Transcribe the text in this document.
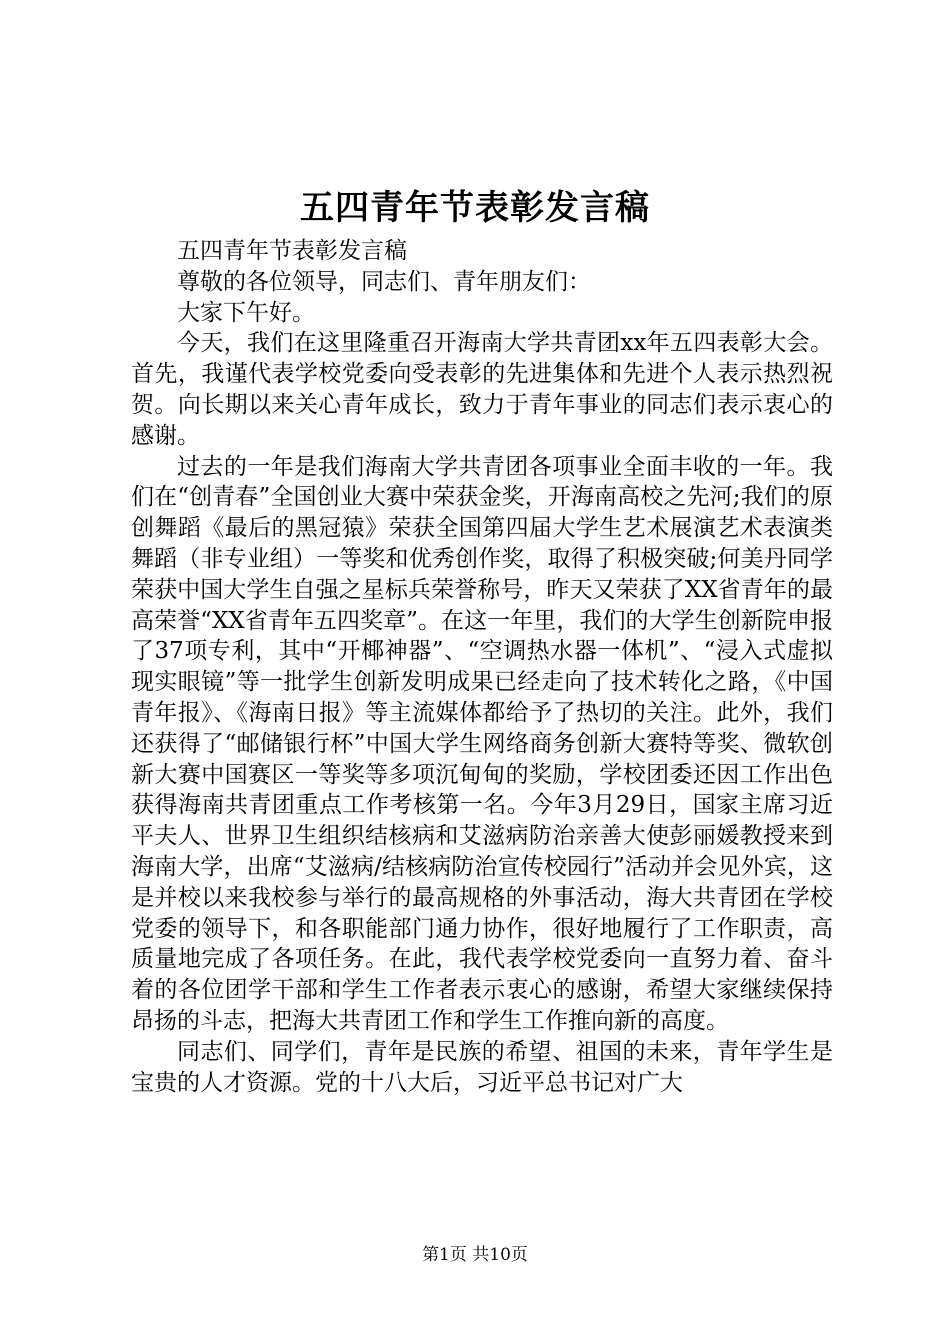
五四青年节表彰发言稿

五四青年节表彰发言稿

尊敬的各位领导，同志们、青年朋友们：

大家下午好。

今天，我们在这里隆重召开海南大学共青团xx年五四表彰大会。首先，我谨代表学校党委向受表彰的先进集体和先进个人表示热烈祝贺。向长期以来关心青年成长，致力于青年事业的同志们表示衷心的感谢。

过去的一年是我们海南大学共青团各项事业全面丰收的一年。我们在“创青春”全国创业大赛中荣获金奖，开海南高校之先河;我们的原创舞蹈《最后的黑冠猿》荣获全国第四届大学生艺术展演艺术表演类舞蹈（非专业组）一等奖和优秀创作奖，取得了积极突破;何美丹同学荣获中国大学生自强之星标兵荣誉称号，昨天又荣获了XX省青年的最高荣誉“XX省青年五四奖章”。在这一年里，我们的大学生创新院申报了37项专利，其中“开椰神器”、“空调热水器一体机”、“浸入式虚拟现实眼镜”等一批学生创新发明成果已经走向了技术转化之路，《中国青年报》、《海南日报》等主流媒体都给予了热切的关注。此外，我们还获得了“邮储银行杯”中国大学生网络商务创新大赛特等奖、微软创新大赛中国赛区一等奖等多项沉甸甸的奖励，学校团委还因工作出色获得海南共青团重点工作考核第一名。今年3月29日，国家主席习近平夫人、世界卫生组织结核病和艾滋病防治亲善大使彭丽媛教授来到海南大学，出席“艾滋病/结核病防治宣传校园行”活动并会见外宾，这是并校以来我校参与举行的最高规格的外事活动，海大共青团在学校党委的领导下，和各职能部门通力协作，很好地履行了工作职责，高质量地完成了各项任务。在此，我代表学校党委向一直努力着、奋斗着的各位团学干部和学生工作者表示衷心的感谢，希望大家继续保持昂扬的斗志，把海大共青团工作和学生工作推向新的高度。

同志们、同学们，青年是民族的希望、祖国的未来，青年学生是宝贵的人才资源。党的十八大后，习近平总书记对广大

第1页 共10页
